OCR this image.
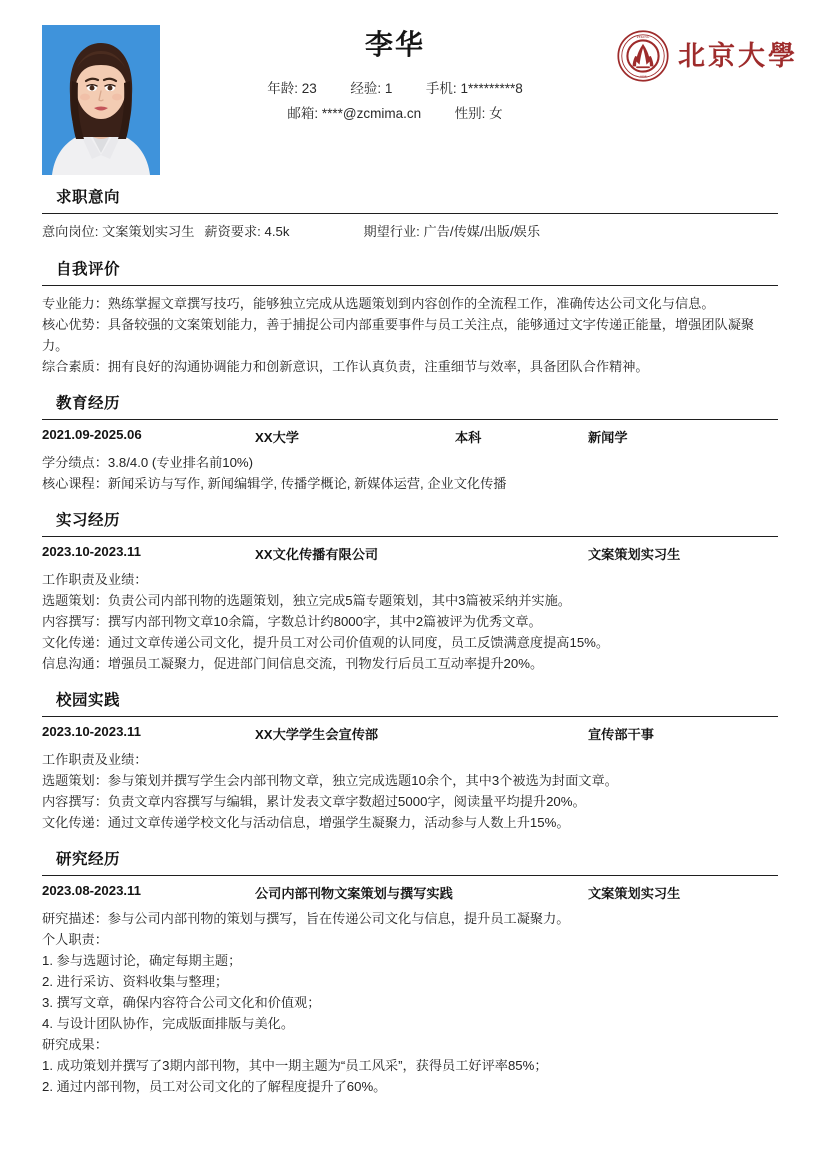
李华
年龄: 23 经验: 1 手机: 1*********8
邮箱: ****@zcmima.cn 性别: 女
PEKING
1898
北京大學
求职意向
意向岗位: 文案策划实习生 薪资要求: 4.5k	期望行业: 广告/传媒/出版/娱乐
自我评价

专业能力：熟练掌握文章撰写技巧，能够独立完成从选题策划到内容创作的全流程工作，准确传达公司文化与信息。

核心优势：具备较强的文案策划能力，善于捕捉公司内部重要事件与员工关注点，能够通过文字传递正能量，增强团队凝聚力。

综合素质：拥有良好的沟通协调能力和创新意识，工作认真负责，注重细节与效率，具备团队合作精神。

教育经历
2021.09-2025.06	XX大学	本科	新闻学

学分绩点：3.8/4.0 (专业排名前10%)

核心课程：新闻采访与写作, 新闻编辑学, 传播学概论, 新媒体运营, 企业文化传播

实习经历
2023.10-2023.11	XX文化传播有限公司	文案策划实习生

工作职责及业绩：

选题策划：负责公司内部刊物的选题策划，独立完成5篇专题策划，其中3篇被采纳并实施。

内容撰写：撰写内部刊物文章10余篇，字数总计约8000字，其中2篇被评为优秀文章。

文化传递：通过文章传递公司文化，提升员工对公司价值观的认同度，员工反馈满意度提高15%。

信息沟通：增强员工凝聚力，促进部门间信息交流，刊物发行后员工互动率提升20%。

校园实践
2023.10-2023.11	XX大学学生会宣传部	宣传部干事

工作职责及业绩：

选题策划：参与策划并撰写学生会内部刊物文章，独立完成选题10余个，其中3个被选为封面文章。

内容撰写：负责文章内容撰写与编辑，累计发表文章字数超过5000字，阅读量平均提升20%。

文化传递：通过文章传递学校文化与活动信息，增强学生凝聚力，活动参与人数上升15%。

研究经历
2023.08-2023.11	公司内部刊物文案策划与撰写实践	文案策划实习生

研究描述：参与公司内部刊物的策划与撰写，旨在传递公司文化与信息，提升员工凝聚力。

个人职责：

1. 参与选题讨论，确定每期主题；

2. 进行采访、资料收集与整理；

3. 撰写文章，确保内容符合公司文化和价值观；

4. 与设计团队协作，完成版面排版与美化。

研究成果：

1. 成功策划并撰写了3期内部刊物，其中一期主题为“员工风采”，获得员工好评率85%；

2. 通过内部刊物，员工对公司文化的了解程度提升了60%。
